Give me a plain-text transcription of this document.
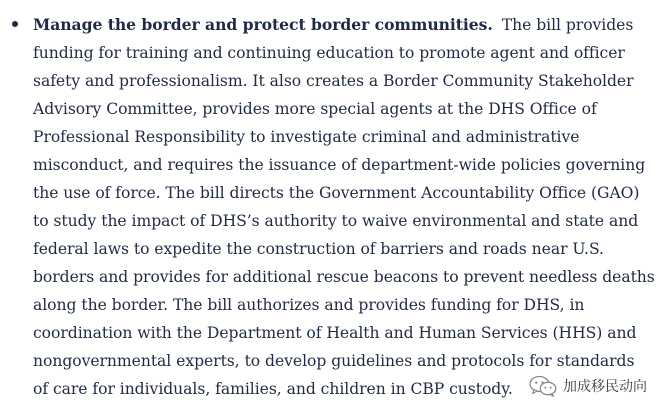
Manage the border and protect border communities. The bill provides
funding for training and continuing education to promote agent and officer
safety and professionalism. It also creates a Border Community Stakeholder
Advisory Committee, provides more special agents at the DHS Office of
Professional Responsibility to investigate criminal and administrative
misconduct, and requires the issuance of department-wide policies governing
the use of force. The bill directs the Government Accountability Office (GAO)
to study the impact of DHS’s authority to waive environmental and state and
federal laws to expedite the construction of barriers and roads near U.S.
borders and provides for additional rescue beacons to prevent needless deaths
along the border. The bill authorizes and provides funding for DHS, in
coordination with the Department of Health and Human Services (HHS) and
nongovernmental experts, to develop guidelines and protocols for standards
of care for individuals, families, and children in CBP custody.	加成移民动向
